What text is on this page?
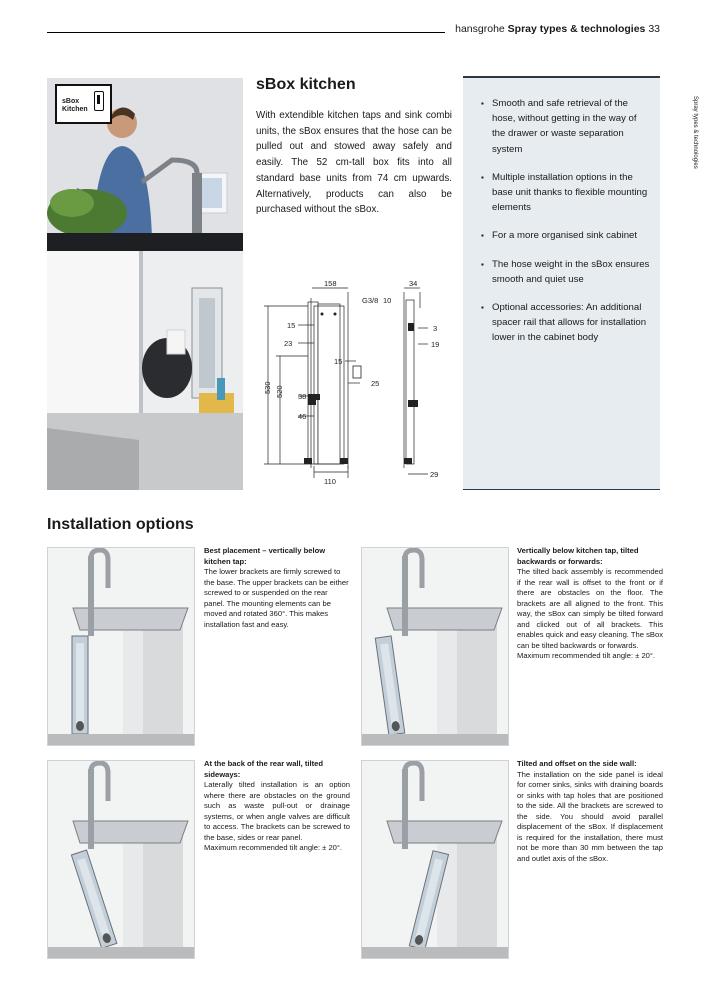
hansgrohe Spray types & technologies 33
Spray types & technologies
sBox
Kitchen
sBox kitchen

With extendible kitchen taps and sink combi units, the sBox ensures that the hose can be pulled out and stowed away safely and easily. The 52 cm-tall box fits into all standard base units from 74 cm upwards. Alternatively, products can also be purchased without the sBox.

▪ Smooth and safe retrieval of the hose, without getting in the way of the drawer or waste separation system
▪ Multiple installation options in the base unit thanks to flexible mounting elements
▪ For a more organised sink cabinet
▪ The hose weight in the sBox ensures smooth and quiet use
▪ Optional accessories: An additional spacer rail that allows for installation lower in the cabinet body
158	34
G3/8 10
15	3
23	19
15
25
530 520 38
46
110
29
Installation options
Best placement – vertically below kitchen tap:
The lower brackets are firmly screwed to the base. The upper brackets can be either screwed to or suspended on the rear panel. The mounting elements can be moved and rotated 360°. This makes installation fast and easy.
Vertically below kitchen tap, tilted backwards or forwards:
The tilted back assembly is recommended if the rear wall is offset to the front or if there are obstacles on the floor. The brackets are all aligned to the front. This way, the sBox can simply be tilted forward and clicked out of all brackets. This enables quick and easy cleaning. The sBox can be tilted backwards or forwards.
Maximum recommended tilt angle: ± 20°.
At the back of the rear wall, tilted sideways:
Laterally tilted installation is an option where there are obstacles on the ground such as waste pull-out or drainage systems, or when angle valves are difficult to access. The brackets can be screwed to the base, sides or rear panel.
Maximum recommended tilt angle: ± 20°.
Tilted and offset on the side wall:
The installation on the side panel is ideal for corner sinks, sinks with draining boards or sinks with tap holes that are positioned to the side. All the brackets are screwed to the side. You should avoid parallel displacement of the sBox. If displacement is required for the installation, there must not be more than 30 mm between the tap and outlet axis of the sBox.
